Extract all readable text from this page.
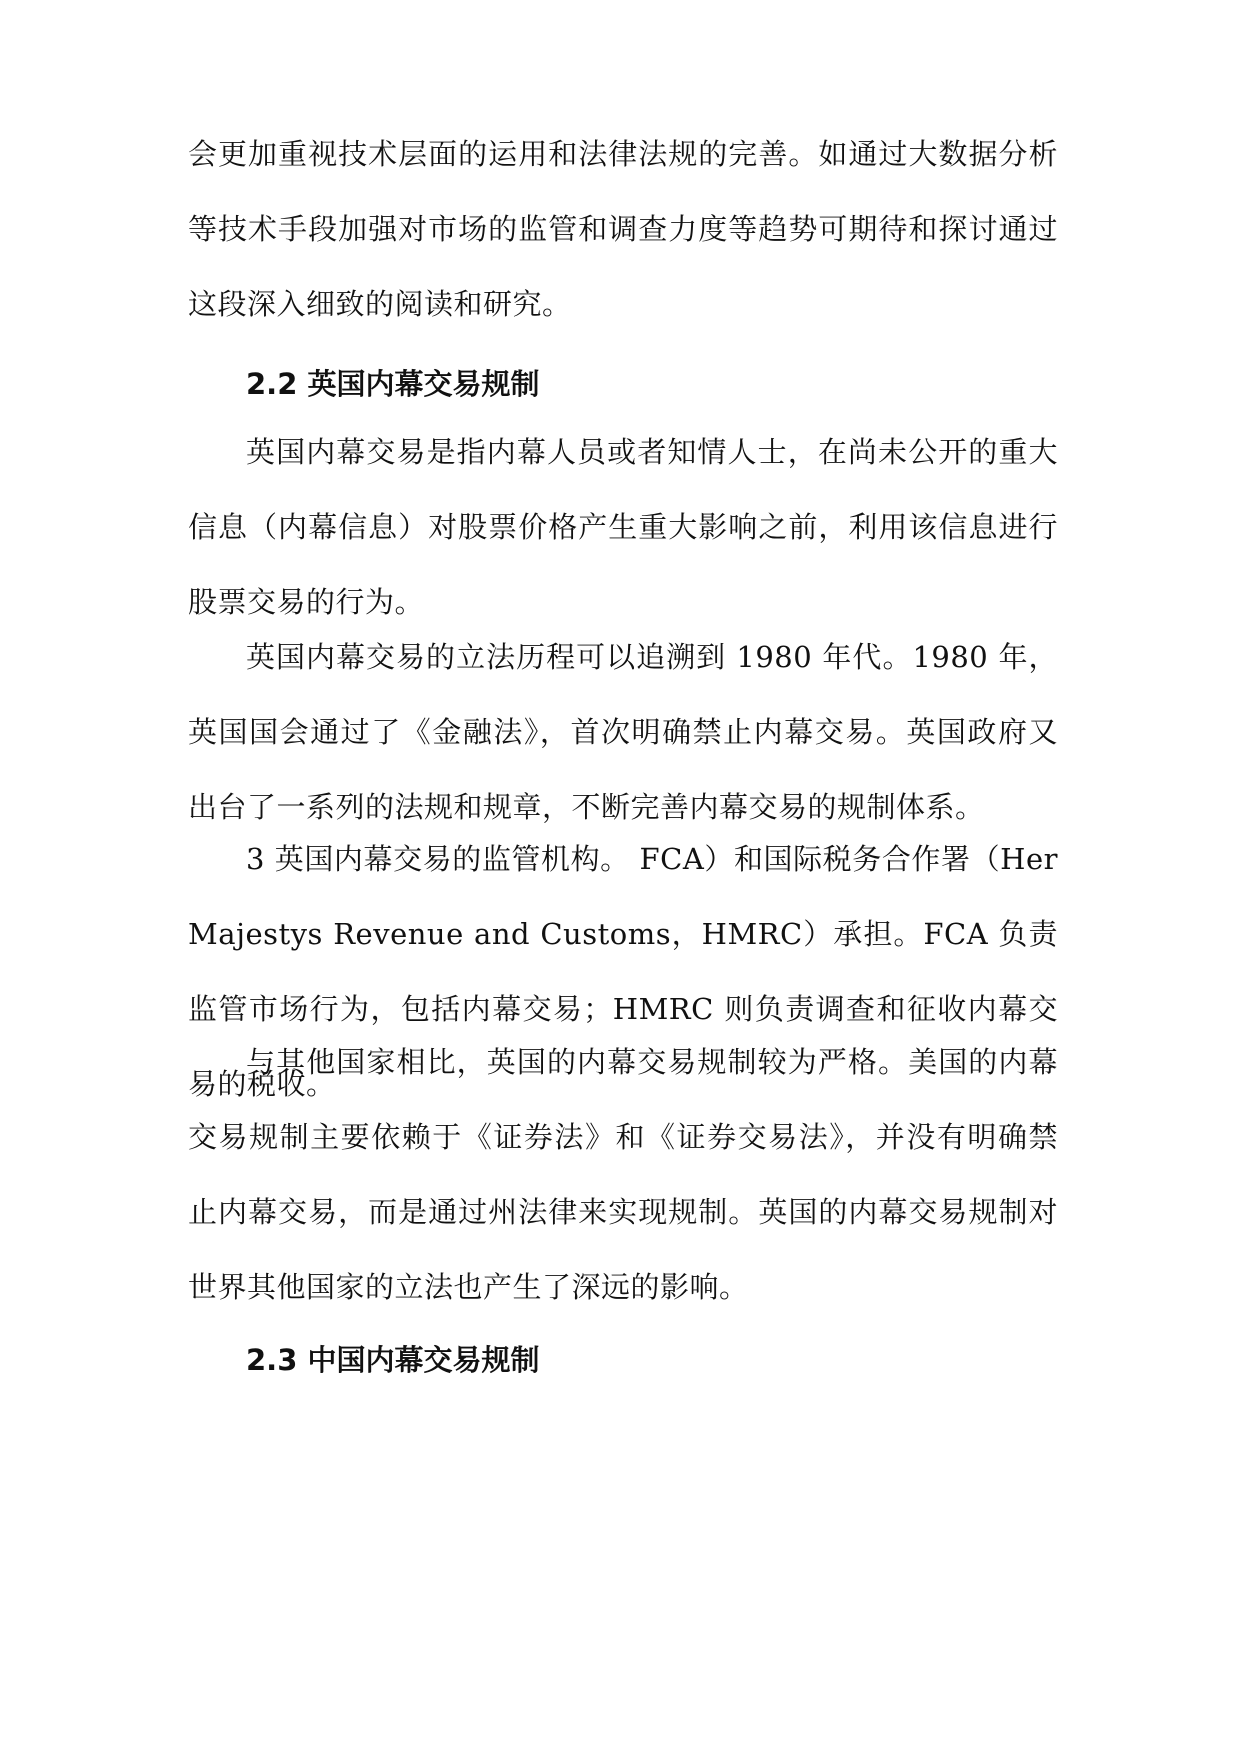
会更加重视技术层面的运用和法律法规的完善。如通过大数据分析等技术手段加强对市场的监管和调查力度等趋势可期待和探讨通过这段深入细致的阅读和研究。

2.2 英国内幕交易规制

英国内幕交易是指内幕人员或者知情人士，在尚未公开的重大信息（内幕信息）对股票价格产生重大影响之前，利用该信息进行股票交易的行为。

英国内幕交易的立法历程可以追溯到 1980 年代。1980 年，英国国会通过了《金融法》，首次明确禁止内幕交易。英国政府又出台了一系列的法规和规章，不断完善内幕交易的规制体系。

3 英国内幕交易的监管机构。 FCA）和国际税务合作署（Her Majestys Revenue and Customs，HMRC）承担。FCA 负责监管市场行为，包括内幕交易；HMRC 则负责调查和征收内幕交易的税收。

与其他国家相比，英国的内幕交易规制较为严格。美国的内幕交易规制主要依赖于《证券法》和《证券交易法》，并没有明确禁止内幕交易，而是通过州法律来实现规制。英国的内幕交易规制对世界其他国家的立法也产生了深远的影响。

2.3 中国内幕交易规制
